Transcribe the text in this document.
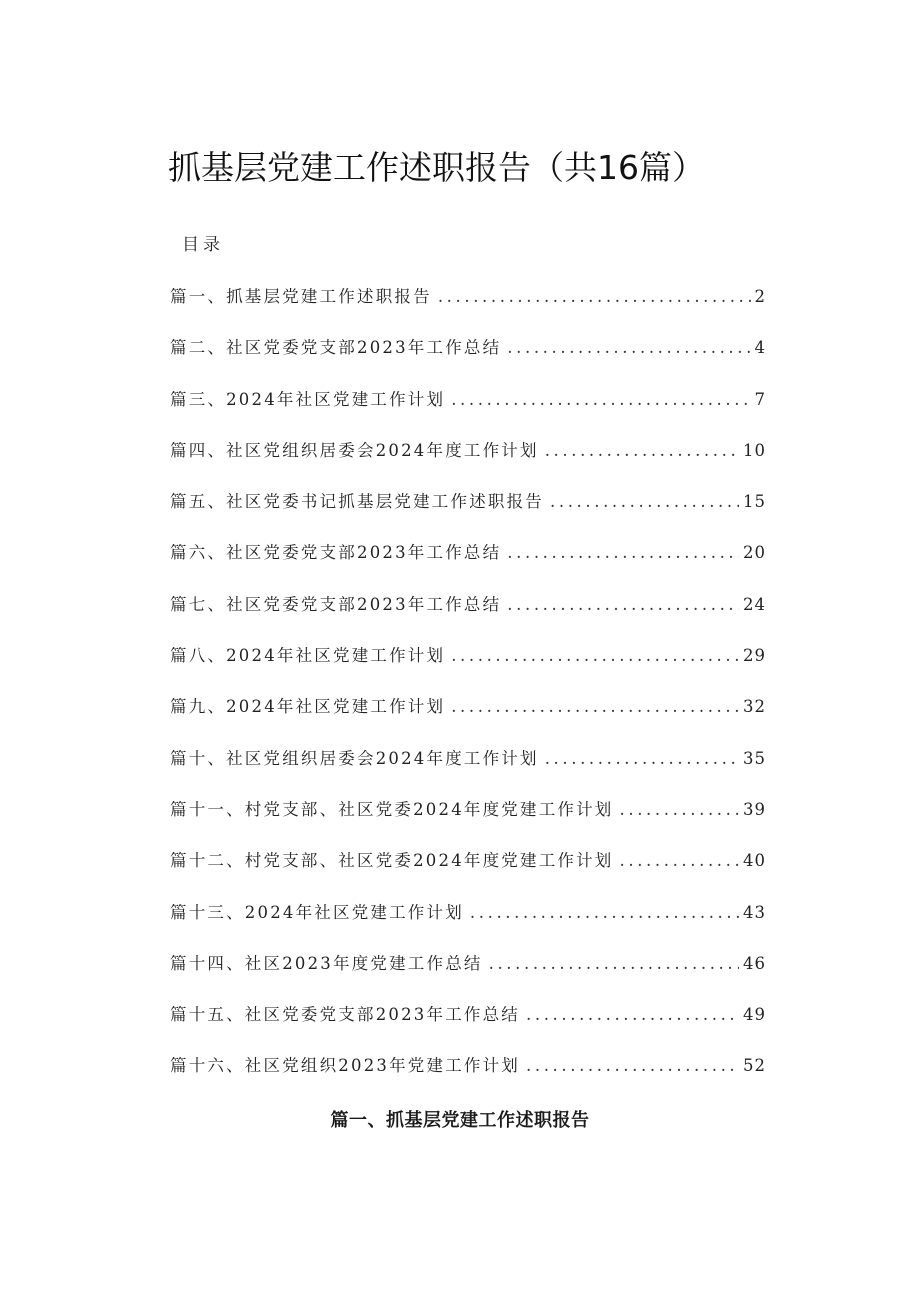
抓基层党建工作述职报告（共16篇）
目录
篇一、抓基层党建工作述职报告 .....	2
篇二、社区党委党支部2023年工作总结 .....	4
篇三、2024年社区党建工作计划 .....	7
篇四、社区党组织居委会2024年度工作计划 .....	10
篇五、社区党委书记抓基层党建工作述职报告 .....	15
篇六、社区党委党支部2023年工作总结 .....	20
篇七、社区党委党支部2023年工作总结 .....	24
篇八、2024年社区党建工作计划 .....	29
篇九、2024年社区党建工作计划 .....	32
篇十、社区党组织居委会2024年度工作计划 .....	35
篇十一、村党支部、社区党委2024年度党建工作计划 .....	39
篇十二、村党支部、社区党委2024年度党建工作计划 .....	40
篇十三、2024年社区党建工作计划 .....	43
篇十四、社区2023年度党建工作总结 .....	46
篇十五、社区党委党支部2023年工作总结 .....	49
篇十六、社区党组织2023年党建工作计划 .....	52
篇一、抓基层党建工作述职报告
